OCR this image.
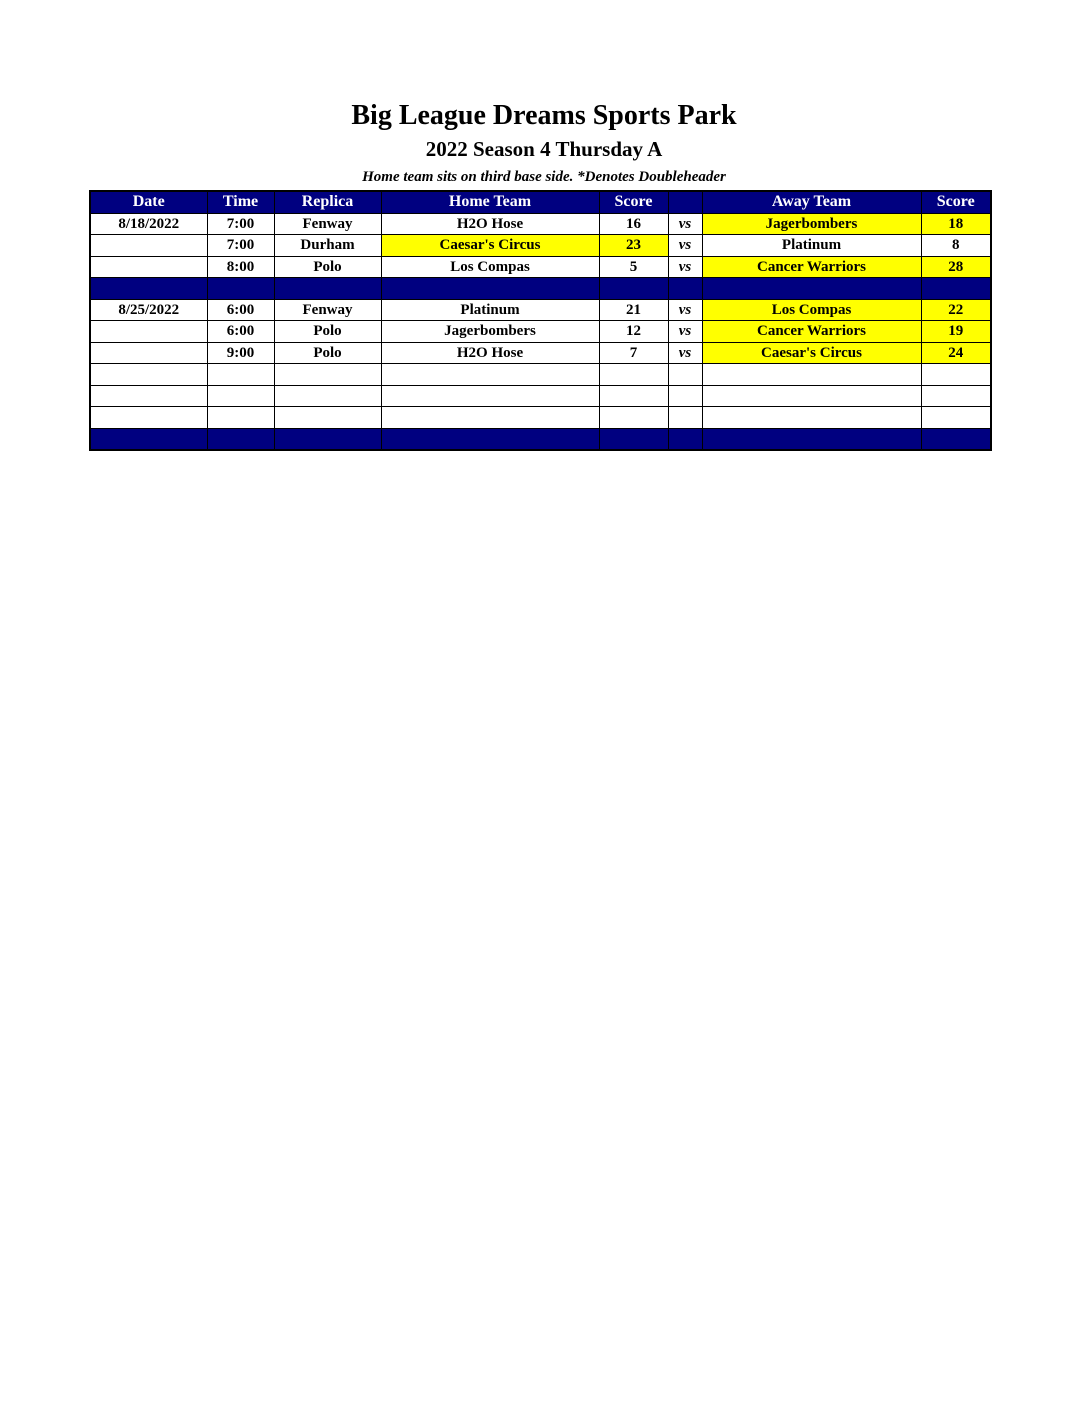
Big League Dreams Sports Park
2022 Season 4 Thursday A
Home team sits on third base side. *Denotes Doubleheader
Date	Time	Replica	Home Team	Score		Away Team	Score
8/18/2022	7:00	Fenway	H2O Hose	16	vs	Jagerbombers	18
	7:00	Durham	Caesar's Circus	23	vs	Platinum	8
	8:00	Polo	Los Compas	5	vs	Cancer Warriors	28

8/25/2022	6:00	Fenway	Platinum	21	vs	Los Compas	22
	6:00	Polo	Jagerbombers	12	vs	Cancer Warriors	19
	9:00	Polo	H2O Hose	7	vs	Caesar's Circus	24
